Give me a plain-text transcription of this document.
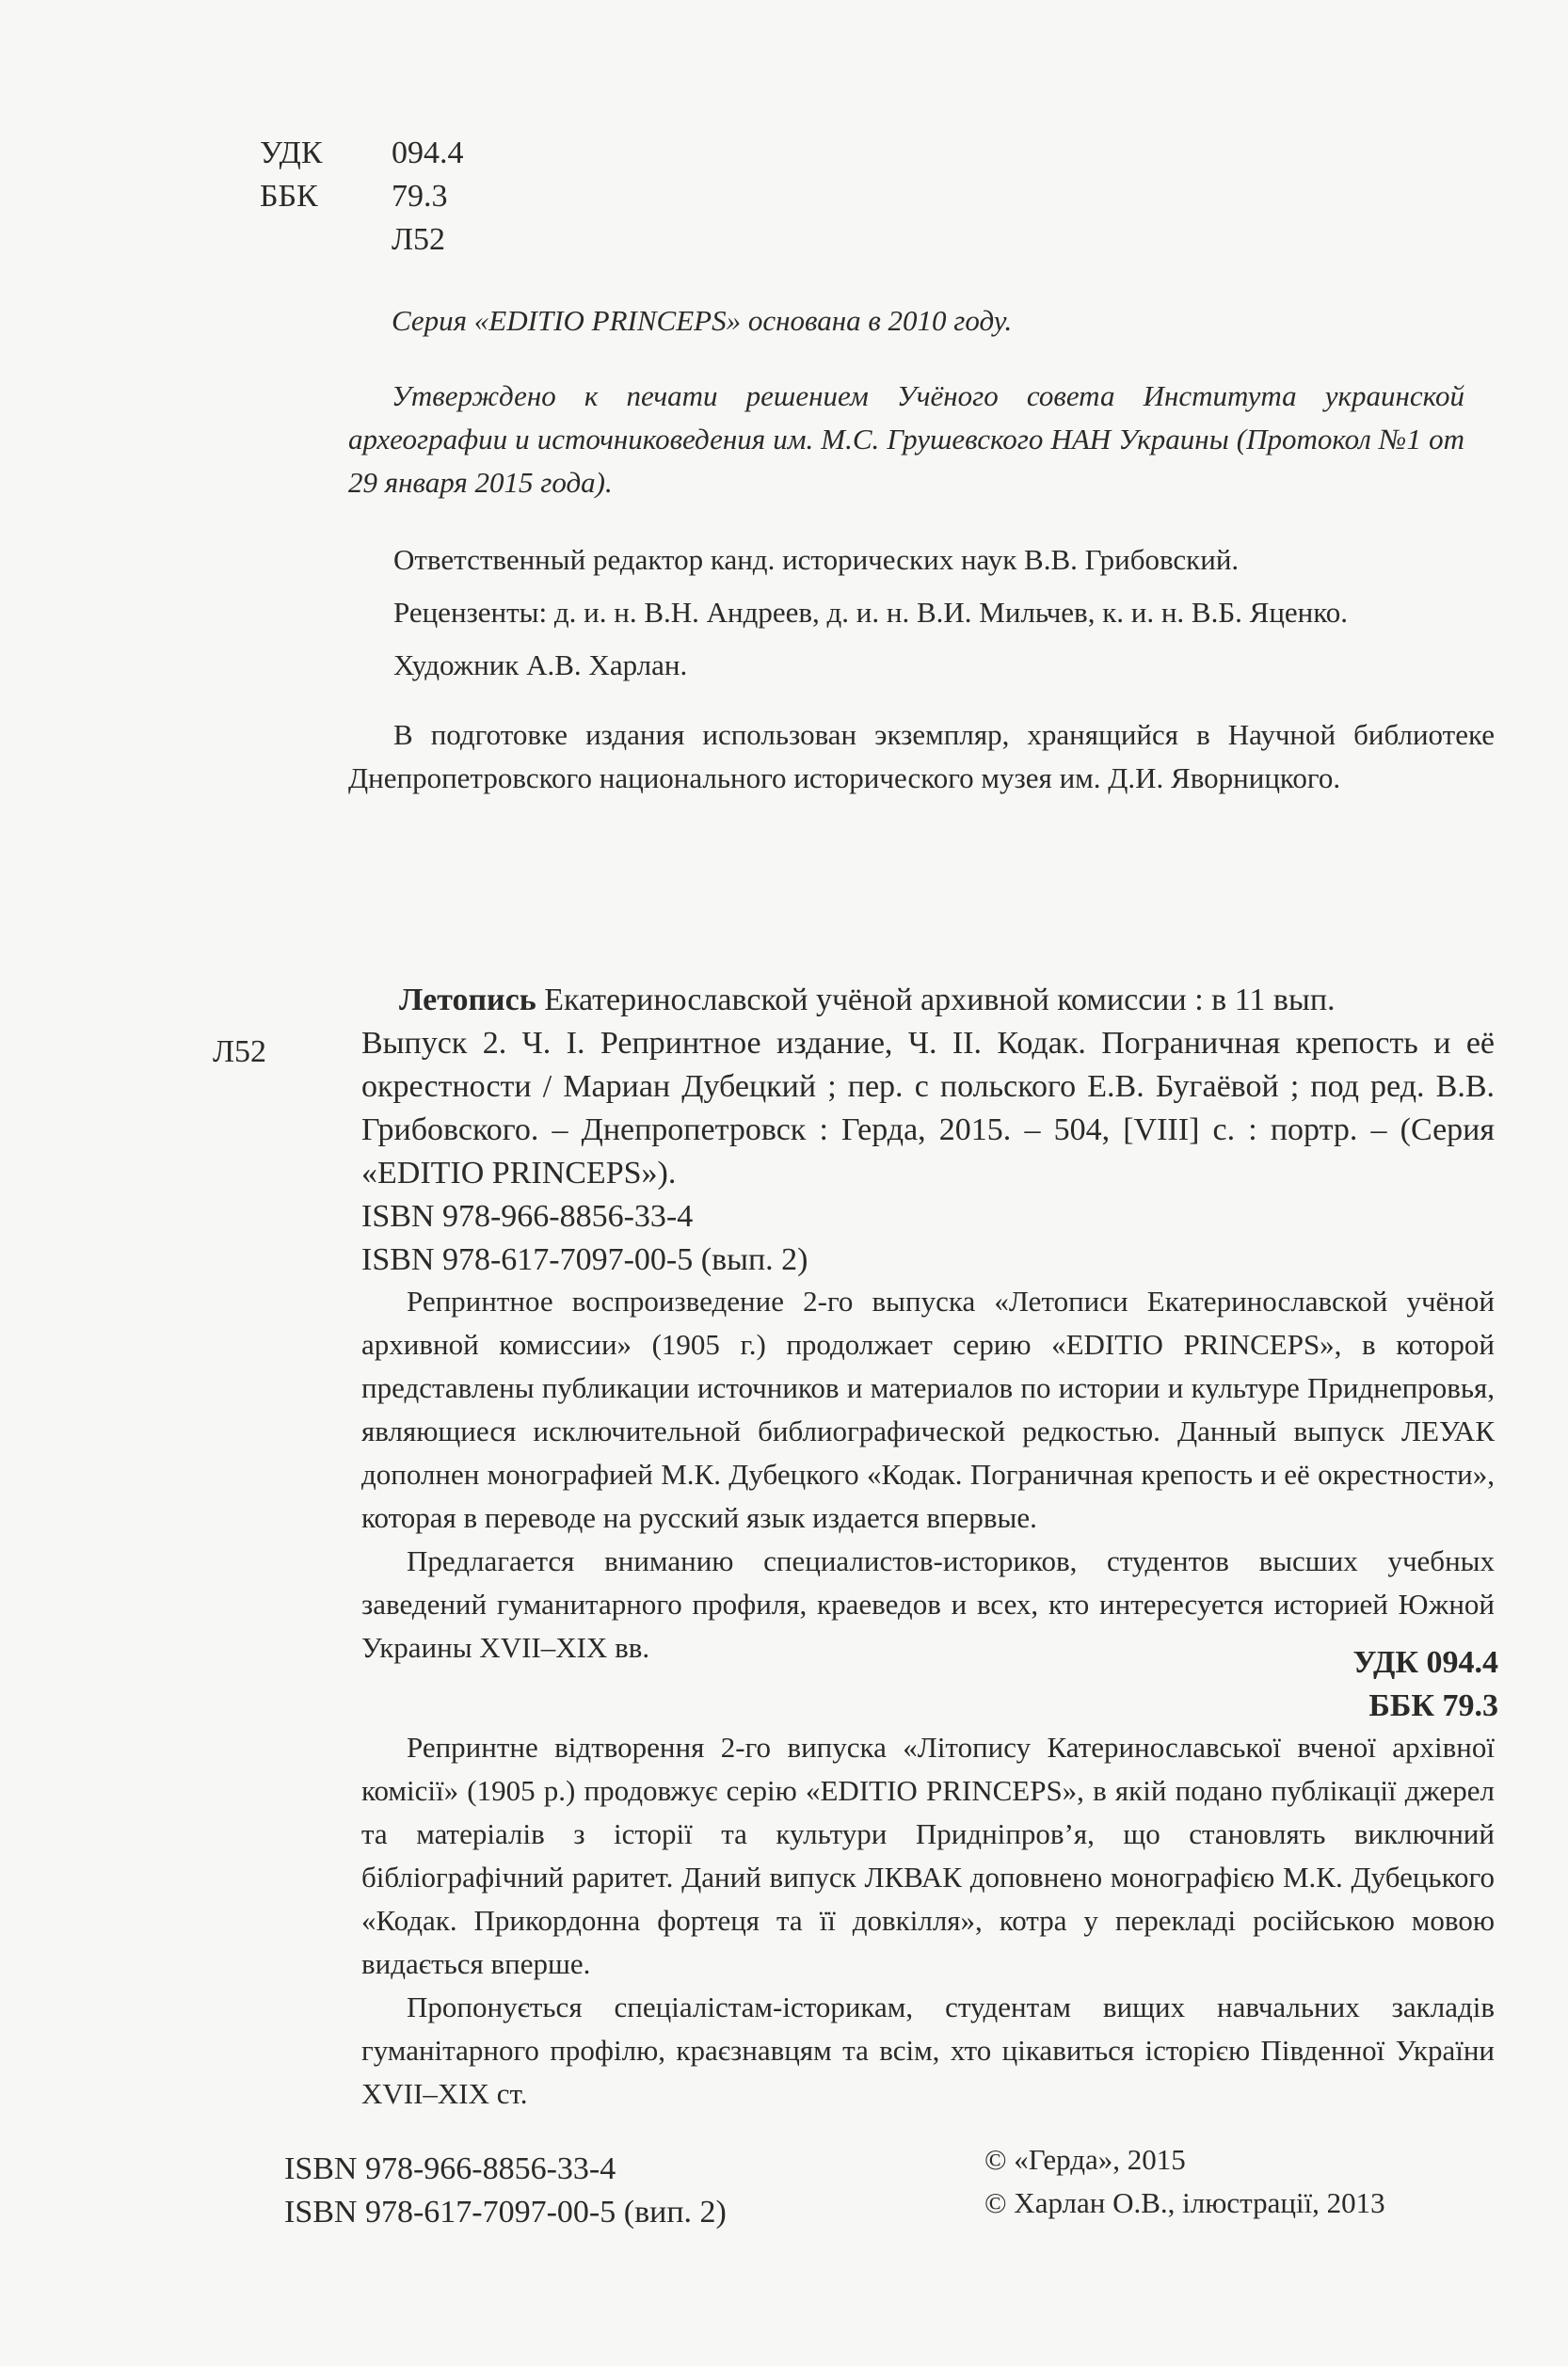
УДК 094.4
ББК 79.3
Л52
Серия «EDITIO PRINCEPS» основана в 2010 году.
Утверждено к печати решением Учёного совета Института украинской археографии и источниковедения им. М.С. Грушевского НАН Украины (Протокол №1 от 29 января 2015 года).
Ответственный редактор канд. исторических наук В.В. Грибовский.
Рецензенты: д. и. н. В.Н. Андреев, д. и. н. В.И. Мильчев, к. и. н. В.Б. Яценко.
Художник А.В. Харлан.
В подготовке издания использован экземпляр, хранящийся в Научной библиотеке Днепропетровского национального исторического музея им. Д.И. Яворницкого.
Л52
Летопись Екатеринославской учёной архивной комиссии : в 11 вып.
Выпуск 2. Ч. I. Репринтное издание, Ч. II. Кодак. Пограничная крепость и её окрестности / Мариан Дубецкий ; пер. с польского Е.В. Бугаёвой ; под ред. В.В. Грибовского. – Днепропетровск : Герда, 2015. – 504, [VIII] с. : портр. – (Серия «EDITIO PRINCEPS»).
ISBN 978-966-8856-33-4
ISBN 978-617-7097-00-5 (вып. 2)
Репринтное воспроизведение 2-го выпуска «Летописи Екатеринославской учёной архивной комиссии» (1905 г.) продолжает серию «EDITIO PRINCEPS», в которой представлены публикации источников и материалов по истории и культуре Приднепровья, являющиеся исключительной библиографической редкостью. Данный выпуск ЛЕУАК дополнен монографией М.К. Дубецкого «Кодак. Пограничная крепость и её окрестности», которая в переводе на русский язык издается впервые.
Предлагается вниманию специалистов-историков, студентов высших учебных заведений гуманитарного профиля, краеведов и всех, кто интересуется историей Южной Украины XVII–XIX вв.	УДК 094.4
ББК 79.3
Репринтне відтворення 2-го випуска «Літопису Катеринославської вченої архівної комісії» (1905 р.) продовжує серію «EDITIO PRINCEPS», в якій подано публікації джерел та матеріалів з історії та культури Придніпров’я, що становлять виключний бібліографічний раритет. Даний випуск ЛКВАК доповнено монографією М.К. Дубецького «Кодак. Прикордонна фортеця та її довкілля», котра у перекладі російською мовою видається вперше.
Пропонується спеціалістам-історикам, студентам вищих навчальних закладів гуманітарного профілю, краєзнавцям та всім, хто цікавиться історією Південної України XVII–XIX ст.
ISBN 978-966-8856-33-4
ISBN 978-617-7097-00-5 (вип. 2)
© «Герда», 2015
© Харлан О.В., ілюстрації, 2013
